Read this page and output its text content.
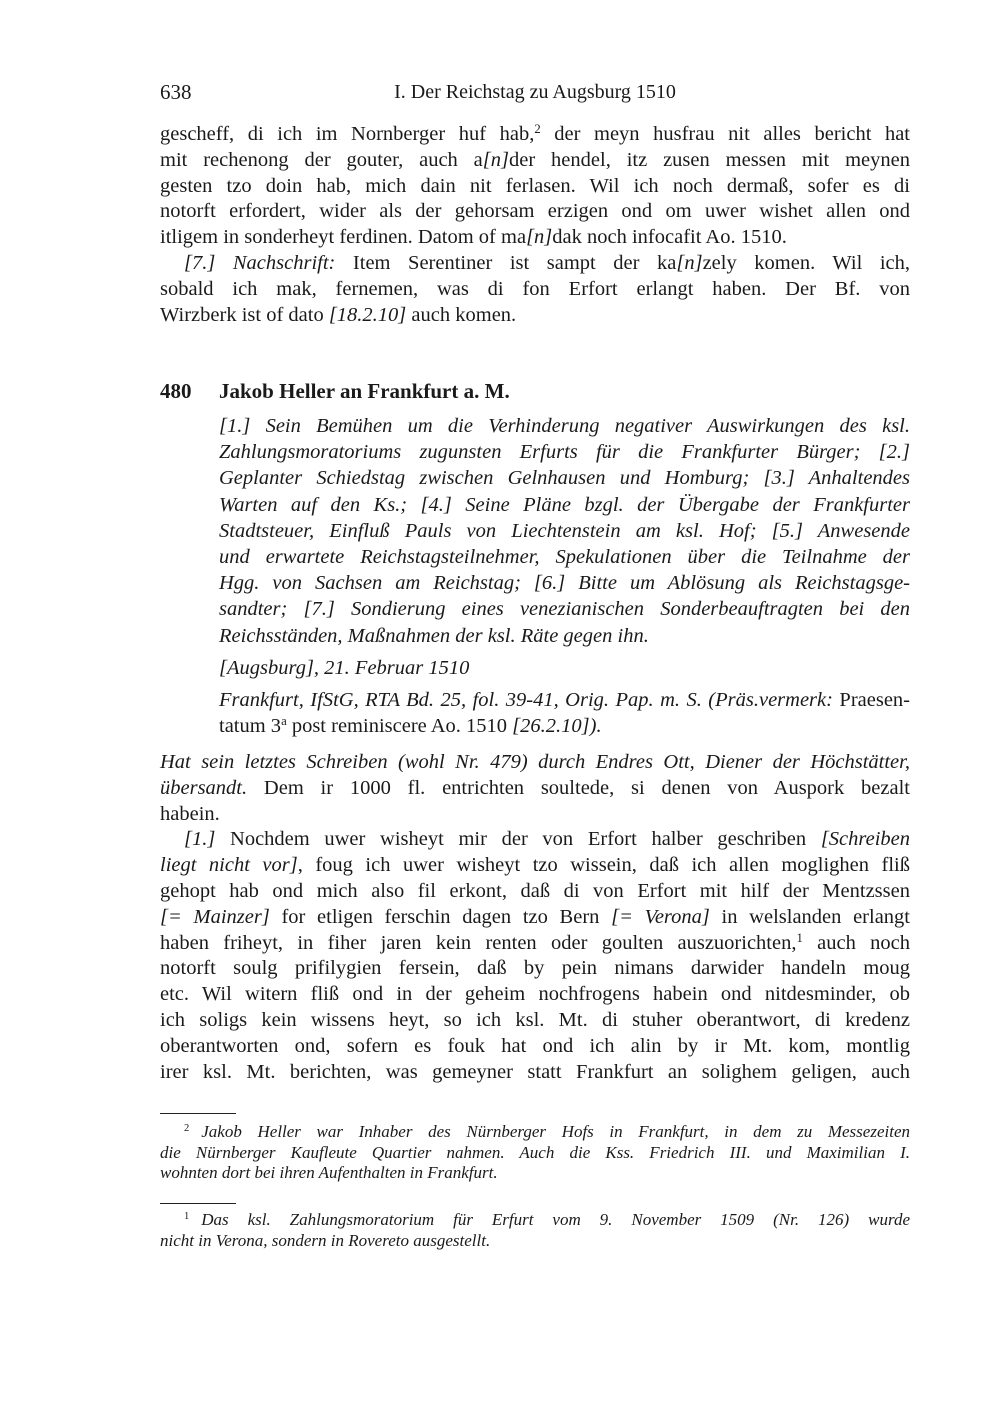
638	I. Der Reichstag zu Augsburg 1510
gescheff, di ich im Nornberger huf hab,$^2$ der meyn husfrau nit alles bericht hat
mit rechenong der gouter, auch a[n]der hendel, itz zusen messen mit meynen
gesten tzo doin hab, mich dain nit ferlasen. Wil ich noch dermaß, sofer es di
notorft erfordert, wider als der gehorsam erzigen ond om uwer wishet allen ond
itligem in sonderheyt ferdinen. Datom of ma[n]dak noch infocafit Ao. 1510.
[7.] Nachschrift: Item Serentiner ist sampt der ka[n]zely komen. Wil ich,
sobald ich mak, fernemen, was di fon Erfort erlangt haben. Der Bf. von
Wirzberk ist of dato [18.2.10] auch komen.
480 Jakob Heller an Frankfurt a. M.
[1.] Sein Bemühen um die Verhinderung negativer Auswirkungen des ksl.
Zahlungsmoratoriums zugunsten Erfurts für die Frankfurter Bürger; [2.]
Geplanter Schiedstag zwischen Gelnhausen und Homburg; [3.] Anhaltendes
Warten auf den Ks.; [4.] Seine Pläne bzgl. der Übergabe der Frankfurter
Stadtsteuer, Einfluß Pauls von Liechtenstein am ksl. Hof; [5.] Anwesende
und erwartete Reichstagsteilnehmer, Spekulationen über die Teilnahme der
Hgg. von Sachsen am Reichstag; [6.] Bitte um Ablösung als Reichstagsge-
sandter; [7.] Sondierung eines venezianischen Sonderbeauftragten bei den
Reichsständen, Maßnahmen der ksl. Räte gegen ihn.
[Augsburg], 21. Februar 1510
Frankfurt, IfStG, RTA Bd. 25, fol. 39-41, Orig. Pap. m. S. (Präs.vermerk: Praesen-
tatum 3$^a$ post reminiscere Ao. 1510 [26.2.10]).
Hat sein letztes Schreiben (wohl Nr. 479) durch Endres Ott, Diener der Höchstätter,
übersandt. Dem ir 1000 fl. entrichten soultede, si denen von Auspork bezalt
habein.
[1.] Nochdem uwer wisheyt mir der von Erfort halber geschriben [Schreiben
liegt nicht vor], foug ich uwer wisheyt tzo wissein, daß ich allen moglighen fliß
gehopt hab ond mich also fil erkont, daß di von Erfort mit hilf der Mentzssen
[= Mainzer] for etligen ferschin dagen tzo Bern [= Verona] in welslanden erlangt
haben friheyt, in fiher jaren kein renten oder goulten auszuorichten,$^1$ auch noch
notorft soulg prifilygien fersein, daß by pein nimans darwider handeln moug
etc. Wil witern fliß ond in der geheim nochfrogens habein ond nitdesminder, ob
ich soligs kein wissens heyt, so ich ksl. Mt. di stuher oberantwort, di kredenz
oberantworten ond, sofern es fouk hat ond ich alin by ir Mt. kom, montlig
irer ksl. Mt. berichten, was gemeyner statt Frankfurt an solighem geligen, auch
$^2$ Jakob Heller war Inhaber des Nürnberger Hofs in Frankfurt, in dem zu Messezeiten
die Nürnberger Kaufleute Quartier nahmen. Auch die Kss. Friedrich III. und Maximilian I.
wohnten dort bei ihren Aufenthalten in Frankfurt.
$^1$ Das ksl. Zahlungsmoratorium für Erfurt vom 9. November 1509 (Nr. 126) wurde
nicht in Verona, sondern in Rovereto ausgestellt.
